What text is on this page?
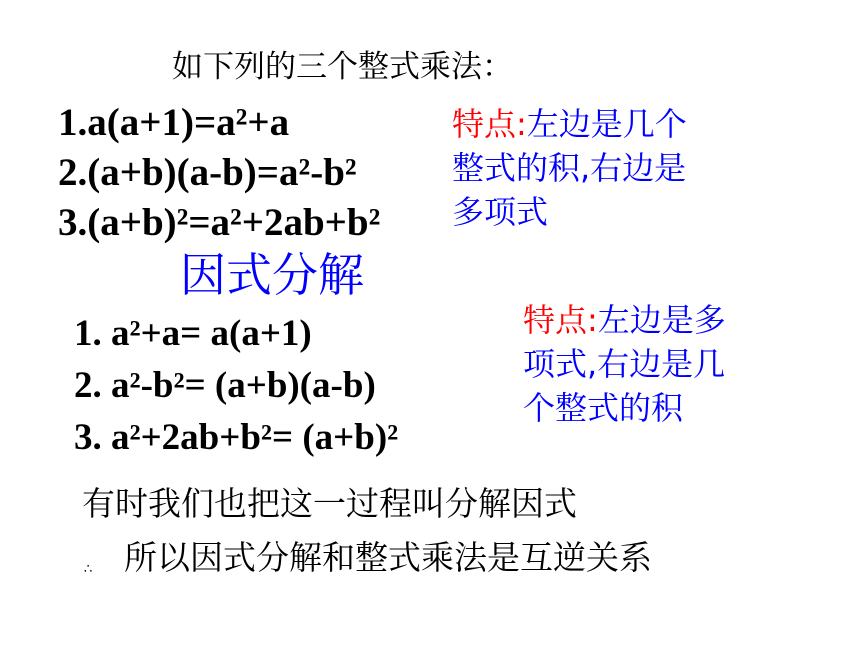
如下列的三个整式乘法：
1.a(a+1)=a²+a
2.(a+b)(a-b)=a²-b²
3.(a+b)²=a²+2ab+b²
特点:左边是几个
整式的积,右边是
多项式
因式分解
1. a²+a= a(a+1)
2. a²-b²= (a+b)(a-b)
3. a²+2ab+b²= (a+b)²
特点:左边是多
项式,右边是几
个整式的积
有时我们也把这一过程叫分解因式
∴ 所以因式分解和整式乘法是互逆关系
